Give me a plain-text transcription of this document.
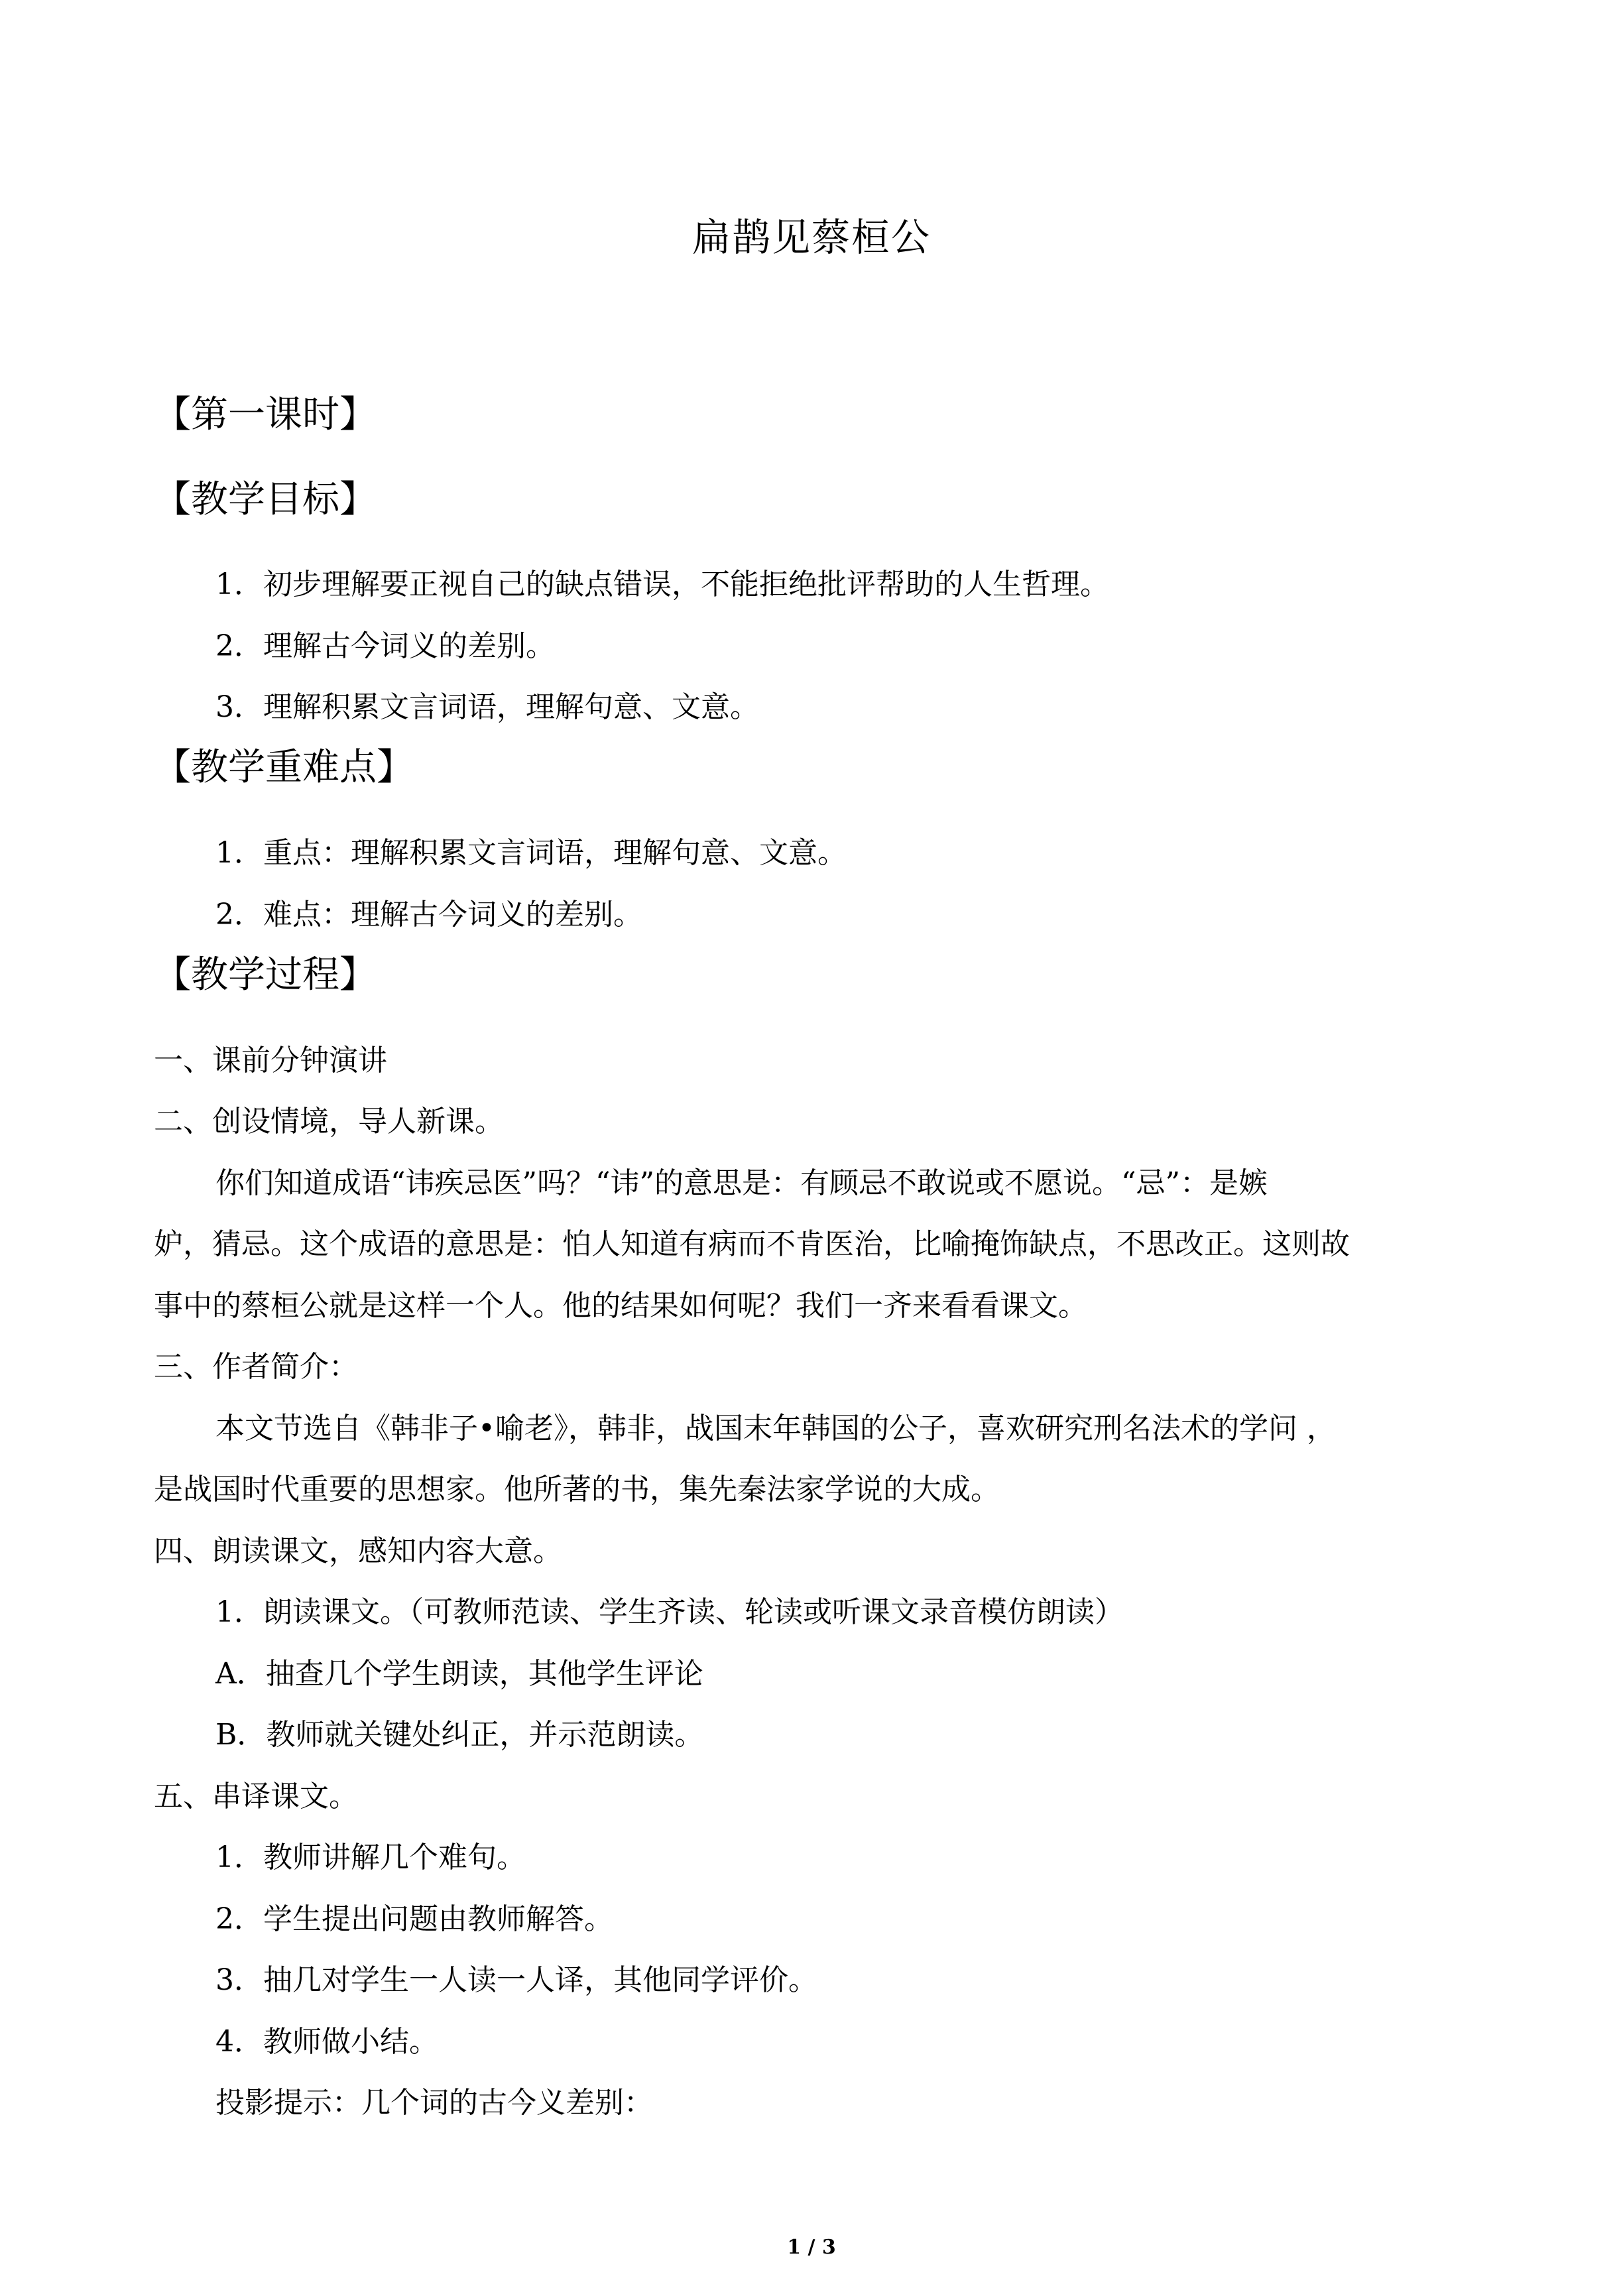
扁鹊见蔡桓公
【第一课时】
【教学目标】
1．初步理解要正视自己的缺点错误，不能拒绝批评帮助的人生哲理。
2．理解古今词义的差别。
3．理解积累文言词语，理解句意、文意。
【教学重难点】
1．重点：理解积累文言词语，理解句意、文意。
2．难点：理解古今词义的差别。
【教学过程】
一、课前分钟演讲
二、创设情境，导人新课。
你们知道成语“讳疾忌医”吗？“讳”的意思是：有顾忌不敢说或不愿说。“忌”：是嫉
妒，猜忌。这个成语的意思是：怕人知道有病而不肯医治，比喻掩饰缺点，不思改正。这则故
事中的蔡桓公就是这样一个人。他的结果如何呢？我们一齐来看看课文。
三、作者简介：
本文节选自《韩非子•喻老》，韩非，战国末年韩国的公子，喜欢研究刑名法术的学问 ，
是战国时代重要的思想家。他所著的书，集先秦法家学说的大成。
四、朗读课文，感知内容大意。
1．朗读课文。（可教师范读、学生齐读、轮读或听课文录音模仿朗读）
A．抽查几个学生朗读，其他学生评论
B．教师就关键处纠正，并示范朗读。
五、串译课文。
1．教师讲解几个难句。
2．学生提出问题由教师解答。
3．抽几对学生一人读一人译，其他同学评价。
4．教师做小结。
投影提示：几个词的古今义差别：
1 / 3
